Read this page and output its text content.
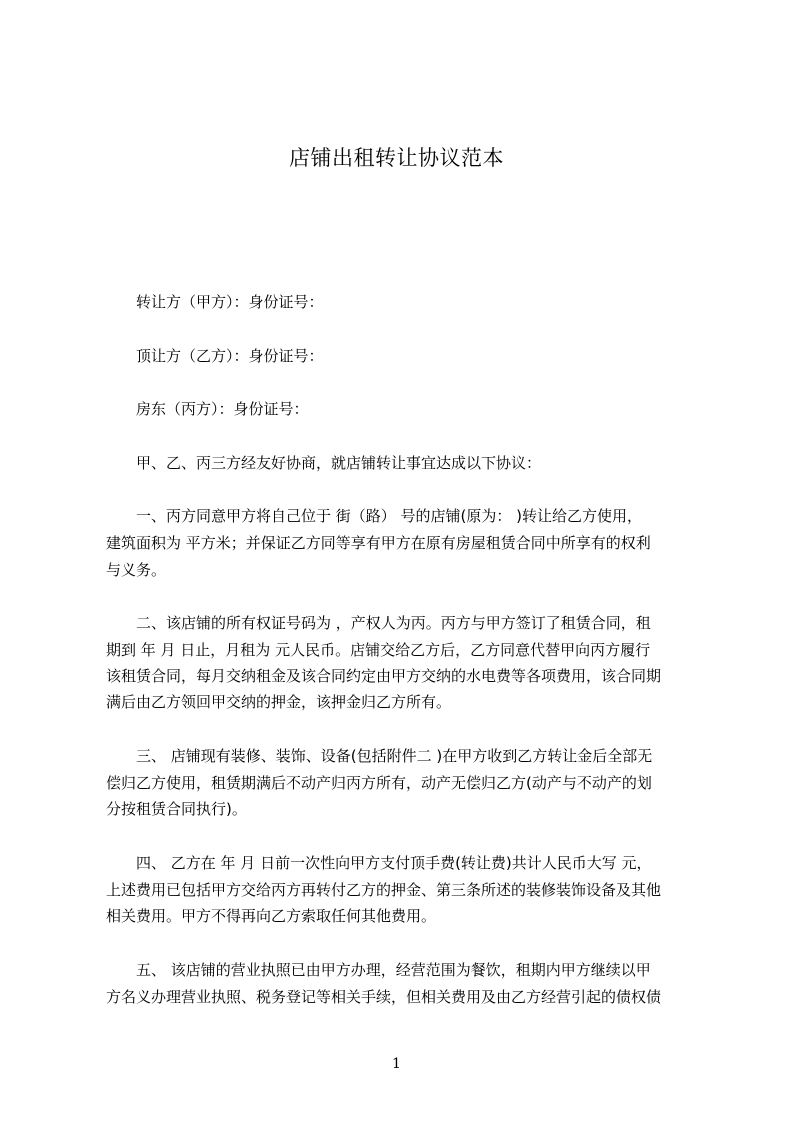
店铺出租转让协议范本
转让方（甲方）：身份证号：
顶让方（乙方）：身份证号：
房东（丙方）：身份证号：
甲、乙、丙三方经友好协商，就店铺转让事宜达成以下协议：
一、丙方同意甲方将自己位于 街（路） 号的店铺(原为： )转让给乙方使用，
建筑面积为 平方米；并保证乙方同等享有甲方在原有房屋租赁合同中所享有的权利
与义务。
二、该店铺的所有权证号码为 ，产权人为丙。丙方与甲方签订了租赁合同，租
期到 年 月 日止，月租为 元人民币。店铺交给乙方后，乙方同意代替甲向丙方履行
该租赁合同，每月交纳租金及该合同约定由甲方交纳的水电费等各项费用，该合同期
满后由乙方领回甲交纳的押金，该押金归乙方所有。
三、 店铺现有装修、装饰、设备(包括附件二 )在甲方收到乙方转让金后全部无
偿归乙方使用，租赁期满后不动产归丙方所有，动产无偿归乙方(动产与不动产的划
分按租赁合同执行)。
四、 乙方在 年 月 日前一次性向甲方支付顶手费(转让费)共计人民币大写 元，
上述费用已包括甲方交给丙方再转付乙方的押金、第三条所述的装修装饰设备及其他
相关费用。甲方不得再向乙方索取任何其他费用。
五、 该店铺的营业执照已由甲方办理，经营范围为餐饮，租期内甲方继续以甲
方名义办理营业执照、税务登记等相关手续，但相关费用及由乙方经营引起的债权债
1
